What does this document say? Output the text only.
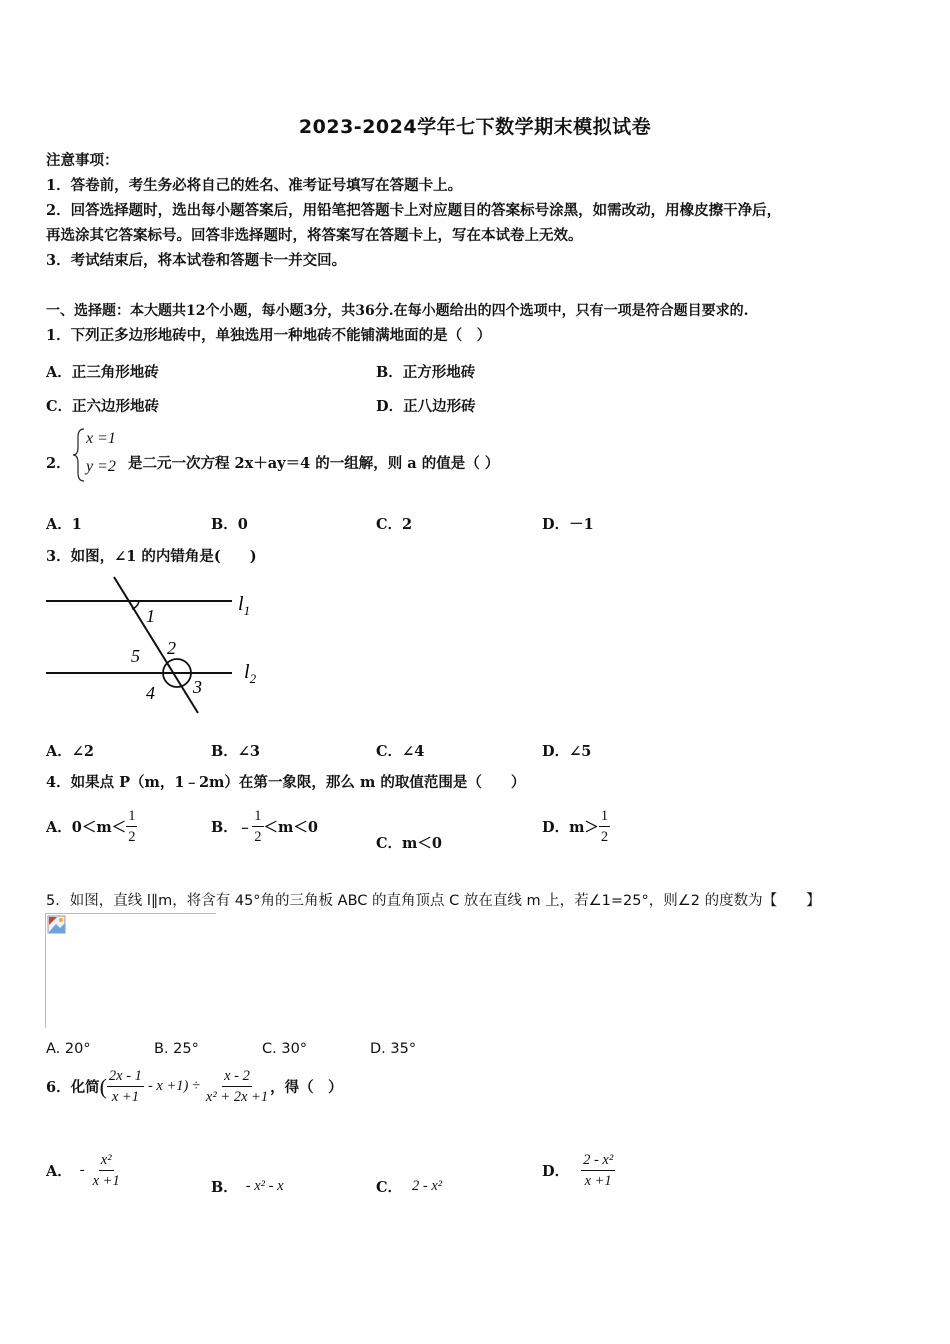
2023-2024学年七下数学期末模拟试卷
注意事项：
1．答卷前，考生务必将自己的姓名、准考证号填写在答题卡上。
2．回答选择题时，选出每小题答案后，用铅笔把答题卡上对应题目的答案标号涂黑，如需改动，用橡皮擦干净后，
再选涂其它答案标号。回答非选择题时，将答案写在答题卡上，写在本试卷上无效。
3．考试结束后，将本试卷和答题卡一并交回。
一、选择题：本大题共12个小题，每小题3分，共36分.在每小题给出的四个选项中，只有一项是符合题目要求的.
1．下列正多边形地砖中，单独选用一种地砖不能铺满地面的是（　）
A．正三角形地砖	B．正方形地砖
C．正六边形地砖	D．正八边形砖
2．
x =1
y =2 是二元一次方程 2x＋ay＝4 的一组解，则 a 的值是（ ）
A．1	B．0	C．2	D．－1
3．如图，∠1 的内错角是(　　)
1
2
3
4
5
$l_1$
$l_2$
A．∠2	B．∠3	C．∠4	D．∠5
4．如果点 P（m，1﹣2m）在第一象限，那么 m 的取值范围是（　　）
A．$0<m< \frac{1}{2}$	B．﹣ $\frac{1}{2} <m<0$
C．m＜0
D．$m> \frac{1}{2}$
5．如图，直线 l∥m，将含有 45°角的三角板 ABC 的直角顶点 C 放在直线 m 上，若∠1=25°，则∠2 的度数为【　　】
A. 20°	B. 25°	C. 30°	D. 35°
6．化简 ( $\frac{2x - 1}{x +1} - x +1) \div \frac{x - 2}{\text{x² + 2x +1}}$ ，得（　）
A． - $\frac{\text{x²}}{x +1}$	B． - x² - x	C． 2 - x²
D． $\frac{\text{2 - x²}}{x +1}$
